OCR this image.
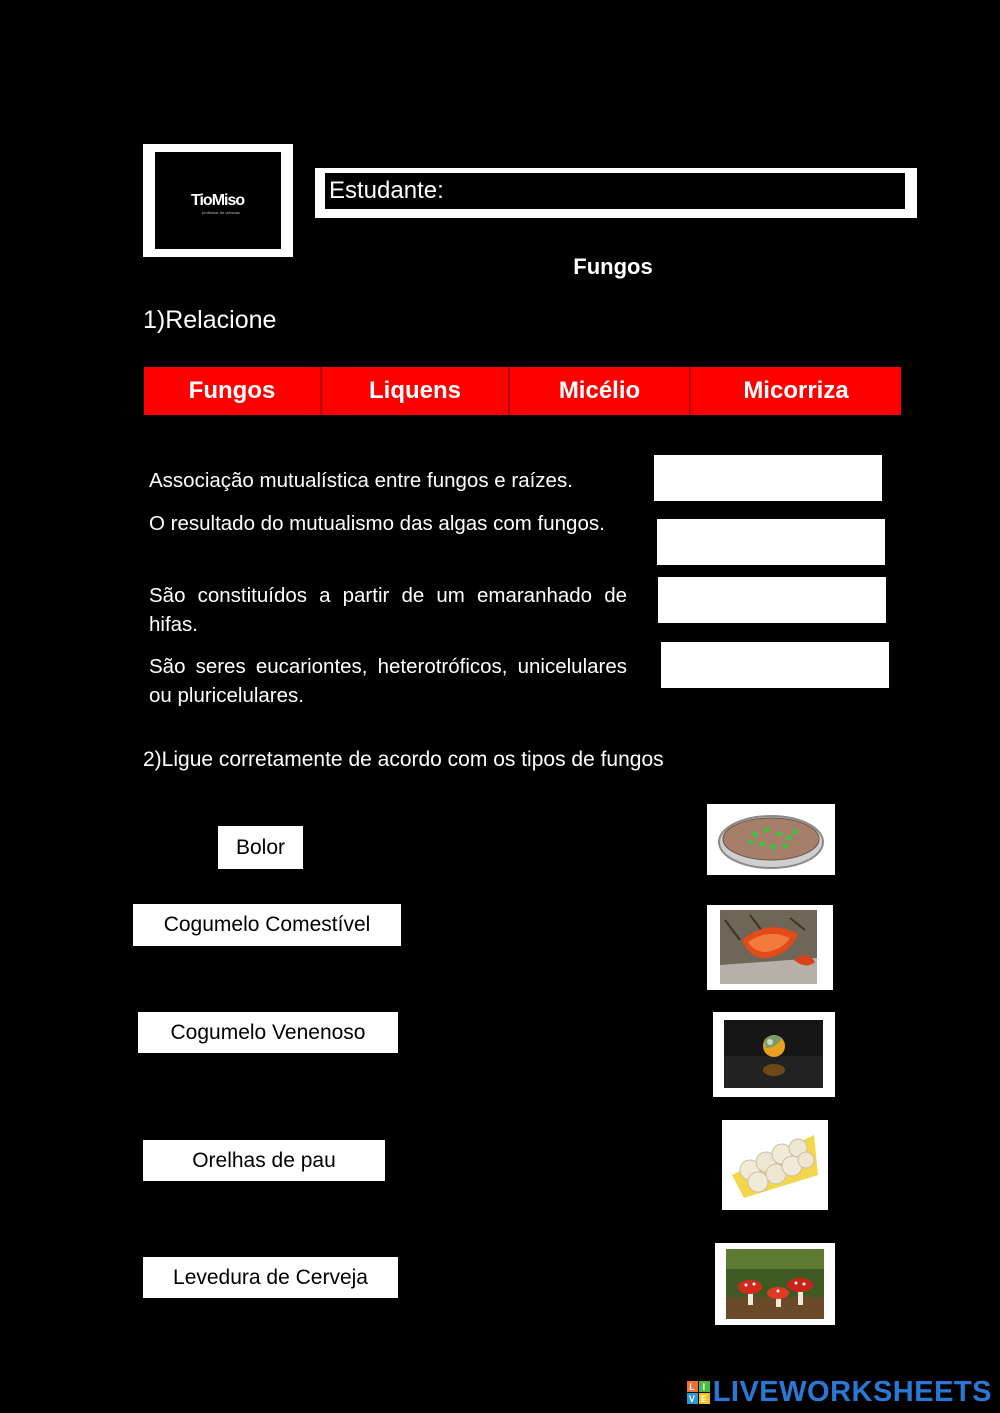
TioMiso
professor de ciências
Estudante:
Fungos
1)Relacione
Fungos	Liquens	Micélio	Micorriza
Associação mutualística entre fungos e raízes.
O resultado do mutualismo das algas com fungos.
São constituídos a partir de um emaranhado de hifas.
São seres eucariontes, heterotróficos, unicelulares ou pluricelulares.
2)Ligue corretamente de acordo com os tipos de fungos
Bolor
Cogumelo Comestível
Cogumelo Venenoso
Orelhas de pau
Levedura de Cerveja
L I
V E LIVEWORKSHEETS
